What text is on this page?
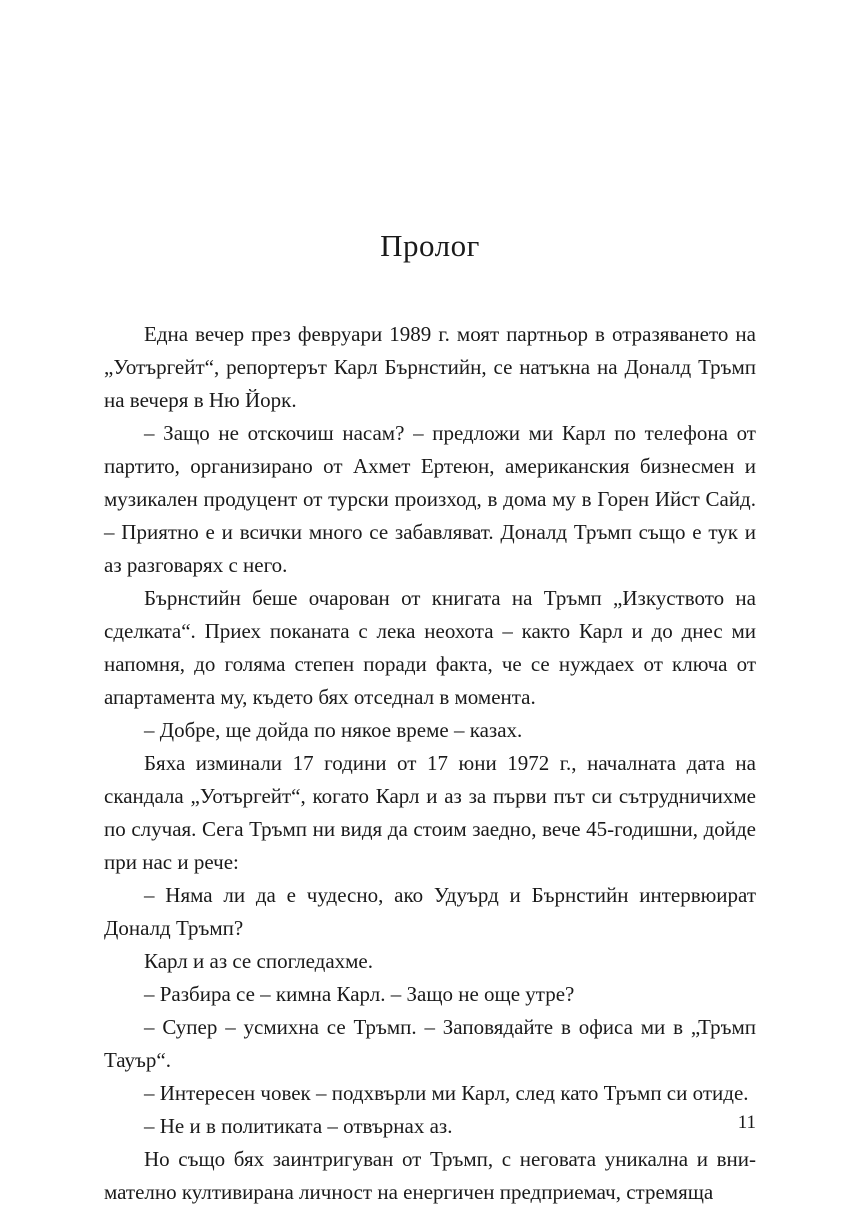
Пролог

Една вечер през февруари 1989 г. моят партньор в отразяването на „Уотъргейт“, репортерът Карл Бърнстийн, се натъкна на Доналд Тръмп на вечеря в Ню Йорк.

– Защо не отскочиш насам? – предложи ми Карл по телефона от партито, организирано от Ахмет Ертеюн, американския бизнесмен и музикален продуцент от турски произход, в дома му в Горен Ийст Сайд. – Приятно е и всички много се забавляват. Доналд Тръмп също е тук и аз разговарях с него.

Бърнстийн беше очарован от книгата на Тръмп „Изкуството на сделката“. Приех поканата с лека неохота – както Карл и до днес ми напомня, до голяма степен поради факта, че се нуждаех от ключа от апартамента му, където бях отседнал в момента.

– Добре, ще дойда по някое време – казах.

Бяха изминали 17 години от 17 юни 1972 г., началната дата на скандала „Уотъргейт“, когато Карл и аз за първи път си сътрудничихме по случая. Сега Тръмп ни видя да стоим заедно, вече 45-годишни, дойде при нас и рече:

– Няма ли да е чудесно, ако Удуърд и Бърнстийн интервюират Доналд Тръмп?

Карл и аз се спогледахме.

– Разбира се – кимна Карл. – Защо не още утре?

– Супер – усмихна се Тръмп. – Заповядайте в офиса ми в „Тръмп Тауър“.

– Интересен човек – подхвърли ми Карл, след като Тръмп си отиде.

– Не и в политиката – отвърнах аз.

Но също бях заинтригуван от Тръмп, с неговата уникална и внимателно култивирана личност на енергичен предприемач, стремяща

11
